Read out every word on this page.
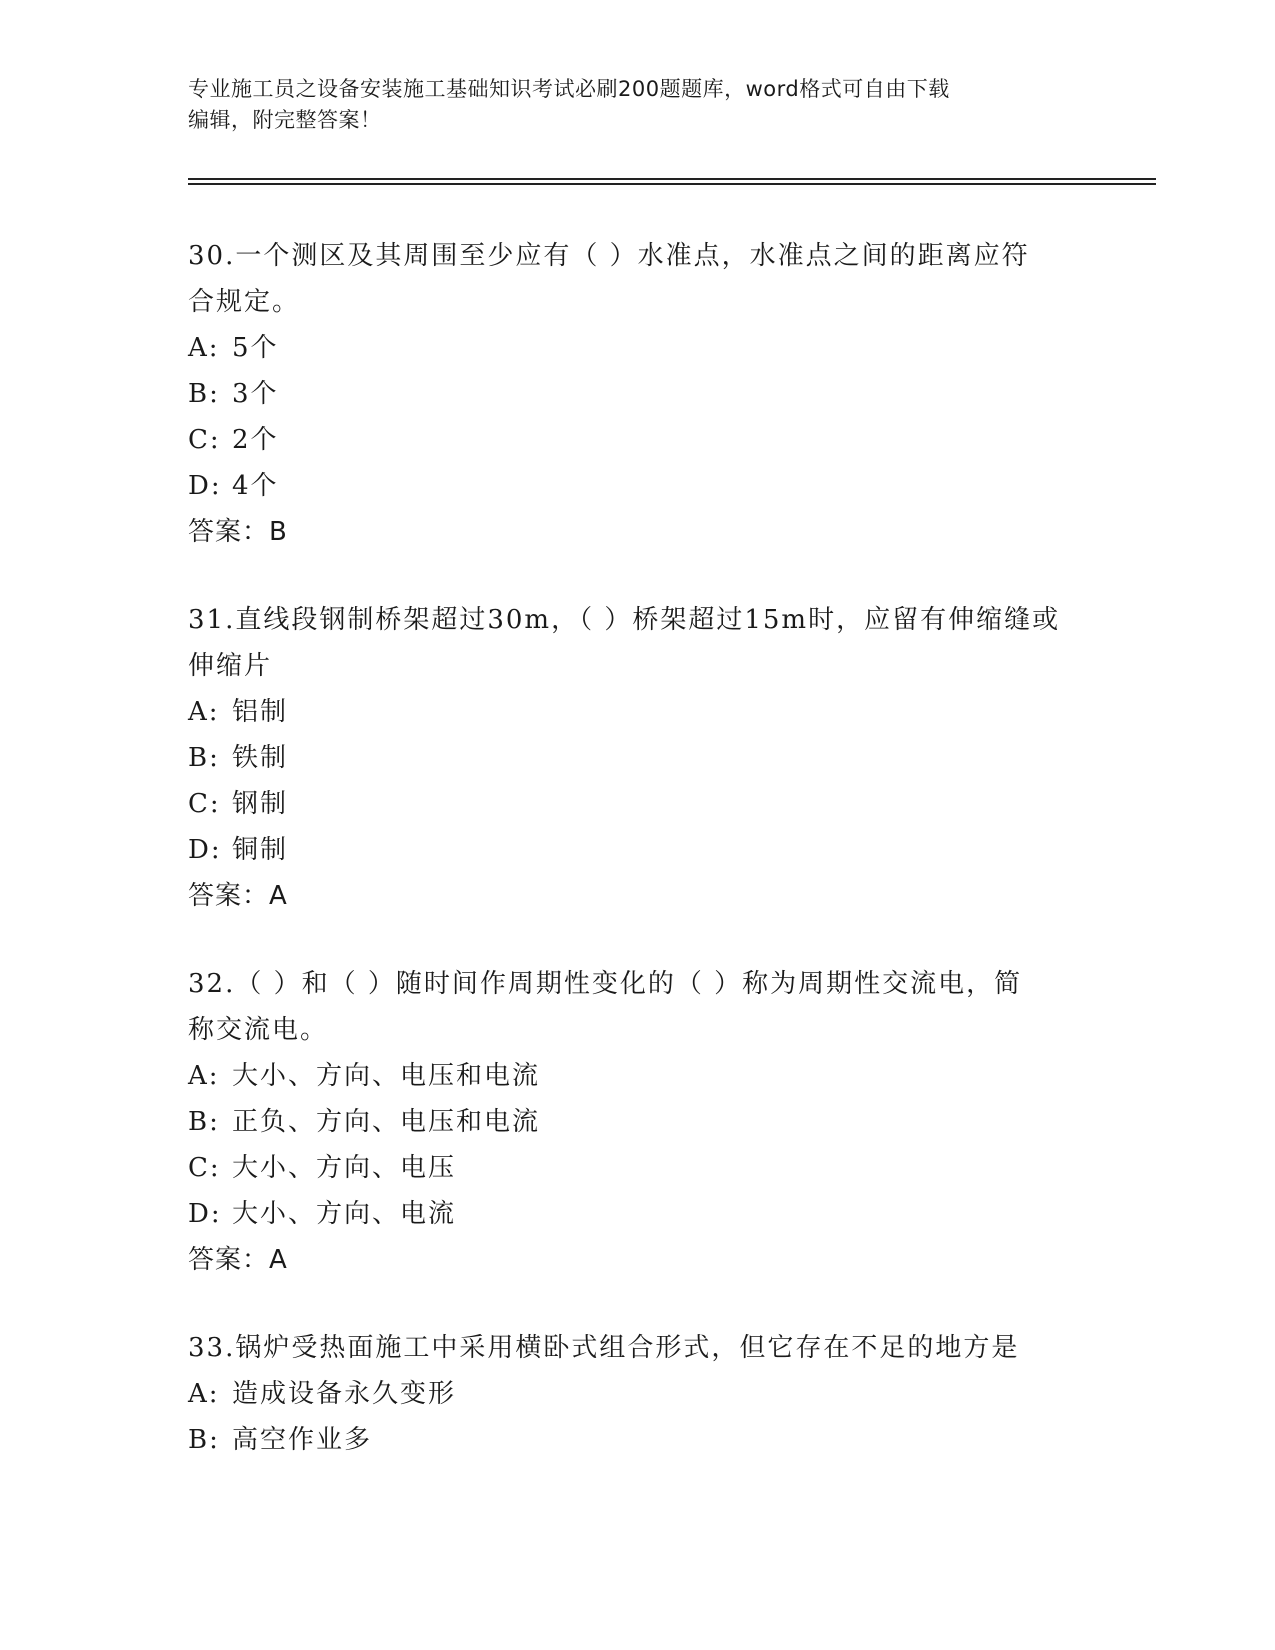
专业施工员之设备安装施工基础知识考试必刷200题题库，word格式可自由下载
编辑，附完整答案！
30.一个测区及其周围至少应有（ ）水准点，水准点之间的距离应符
合规定。
A: 5个
B: 3个
C: 2个
D: 4个
答案：B
31.直线段钢制桥架超过30m，（ ）桥架超过15m时，应留有伸缩缝或
伸缩片
A: 铝制
B: 铁制
C: 钢制
D: 铜制
答案：A
32.（ ）和（ ）随时间作周期性变化的（ ）称为周期性交流电，简
称交流电。
A: 大小、方向、电压和电流
B: 正负、方向、电压和电流
C: 大小、方向、电压
D: 大小、方向、电流
答案：A
33.锅炉受热面施工中采用横卧式组合形式，但它存在不足的地方是
A: 造成设备永久变形
B: 高空作业多
